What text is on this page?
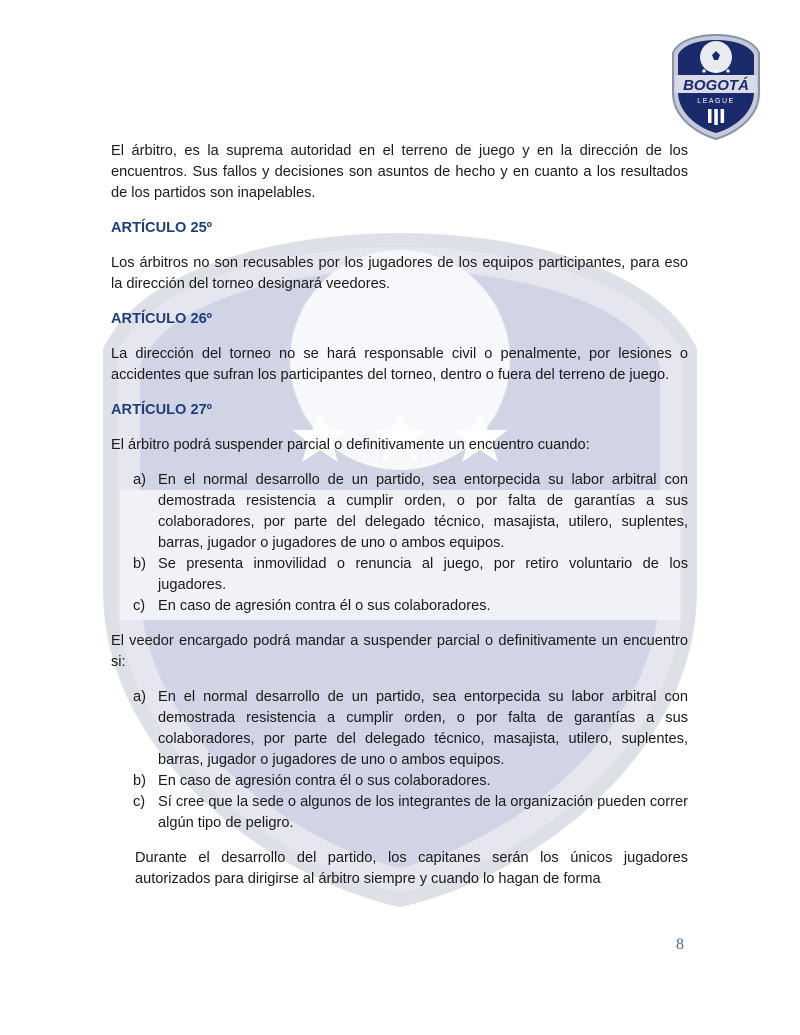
BOGOTÁ
LEAGUE

El árbitro, es la suprema autoridad en el terreno de juego y en la dirección de los encuentros. Sus fallos y decisiones son asuntos de hecho y en cuanto a los resultados de los partidos son inapelables.

ARTÍCULO 25º

Los árbitros no son recusables por los jugadores de los equipos participantes, para eso la dirección del torneo designará veedores.

ARTÍCULO 26º

La dirección del torneo no se hará responsable civil o penalmente, por lesiones o accidentes que sufran los participantes del torneo, dentro o fuera del terreno de juego.

ARTÍCULO 27º

El árbitro podrá suspender parcial o definitivamente un encuentro cuando:

a) En el normal desarrollo de un partido, sea entorpecida su labor arbitral con demostrada resistencia a cumplir orden, o por falta de garantías a sus colaboradores, por parte del delegado técnico, masajista, utilero, suplentes, barras, jugador o jugadores de uno o ambos equipos.
b) Se presenta inmovilidad o renuncia al juego, por retiro voluntario de los jugadores.
c) En caso de agresión contra él o sus colaboradores.

El veedor encargado podrá mandar a suspender parcial o definitivamente un encuentro si:

a) En el normal desarrollo de un partido, sea entorpecida su labor arbitral con demostrada resistencia a cumplir orden, o por falta de garantías a sus colaboradores, por parte del delegado técnico, masajista, utilero, suplentes, barras, jugador o jugadores de uno o ambos equipos.
b) En caso de agresión contra él o sus colaboradores.
c) Sí cree que la sede o algunos de los integrantes de la organización pueden correr algún tipo de peligro.

Durante el desarrollo del partido, los capitanes serán los únicos jugadores autorizados para dirigirse al árbitro siempre y cuando lo hagan de forma

8
